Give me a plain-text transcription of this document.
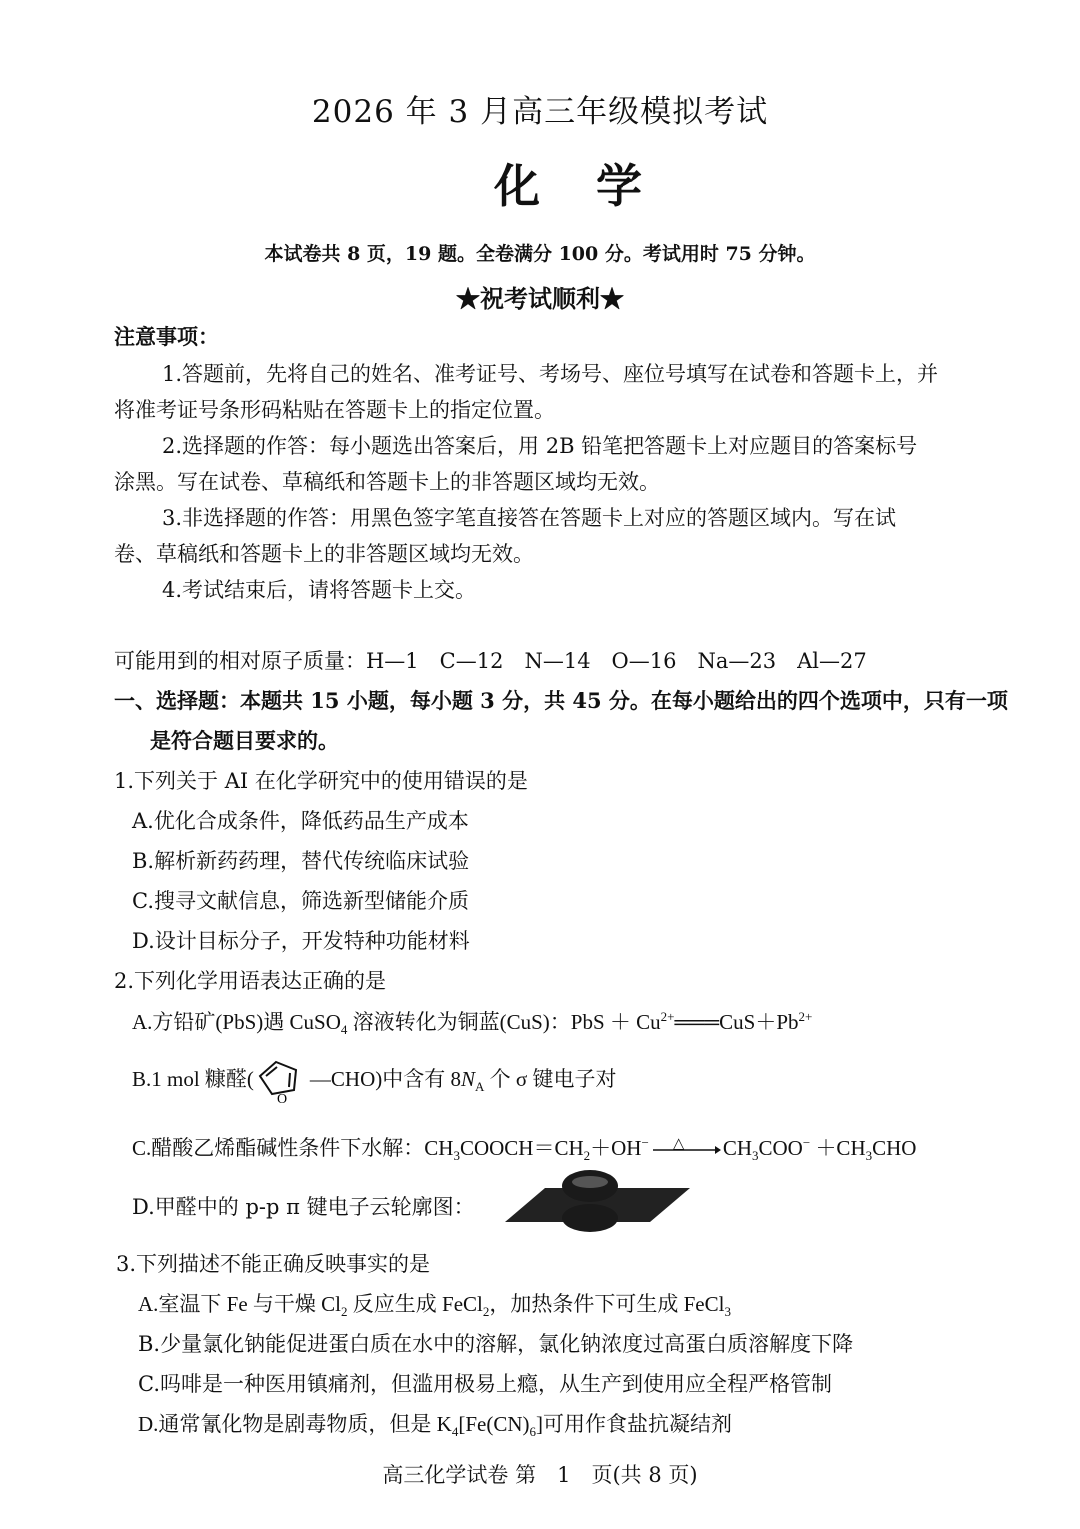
2026 年 3 月高三年级模拟考试
化学
本试卷共 8 页，19 题。全卷满分 100 分。考试用时 75 分钟。
★祝考试顺利★
注意事项：
1.答题前，先将自己的姓名、准考证号、考场号、座位号填写在试卷和答题卡上，并
将准考证号条形码粘贴在答题卡上的指定位置。
2.选择题的作答：每小题选出答案后，用 2B 铅笔把答题卡上对应题目的答案标号
涂黑。写在试卷、草稿纸和答题卡上的非答题区域均无效。
3.非选择题的作答：用黑色签字笔直接答在答题卡上对应的答题区域内。写在试
卷、草稿纸和答题卡上的非答题区域均无效。
4.考试结束后，请将答题卡上交。
可能用到的相对原子质量：H—1　C—12　N—14　O—16　Na—23　Al—27
一、选择题：本题共 15 小题，每小题 3 分，共 45 分。在每小题给出的四个选项中，只有一项
是符合题目要求的。
1.下列关于 AI 在化学研究中的使用错误的是
A.优化合成条件，降低药品生产成本
B.解析新药药理，替代传统临床试验
C.搜寻文献信息，筛选新型储能介质
D.设计目标分子，开发特种功能材料
2.下列化学用语表达正确的是
A.方铅矿(PbS)遇 CuSO$_4$ 溶液转化为铜蓝(CuS)：PbS ＋ $Cu^{2+}═══CuS+Pb^{2+}$
B.1 mol 糠醛(
O
—CHO)中含有 $8N_A$ 个 σ 键电子对
C.醋酸乙烯酯碱性条件下水解：$CH_3COOCH=CH_2+OH^-$ △ $CH_3COO^- +CH_3CHO$
D.甲醛中的 p-p π 键电子云轮廓图：
3.下列描述不能正确反映事实的是
A.室温下 Fe 与干燥 $Cl_2$ 反应生成 FeCl$_2$，加热条件下可生成 FeCl$_3$
B.少量氯化钠能促进蛋白质在水中的溶解，氯化钠浓度过高蛋白质溶解度下降
C.吗啡是一种医用镇痛剂，但滥用极易上瘾，从生产到使用应全程严格管制
D.通常氰化物是剧毒物质，但是 $K_4[Fe(CN)_6]$可用作食盐抗凝结剂
高三化学试卷 第　1　页(共 8 页)
